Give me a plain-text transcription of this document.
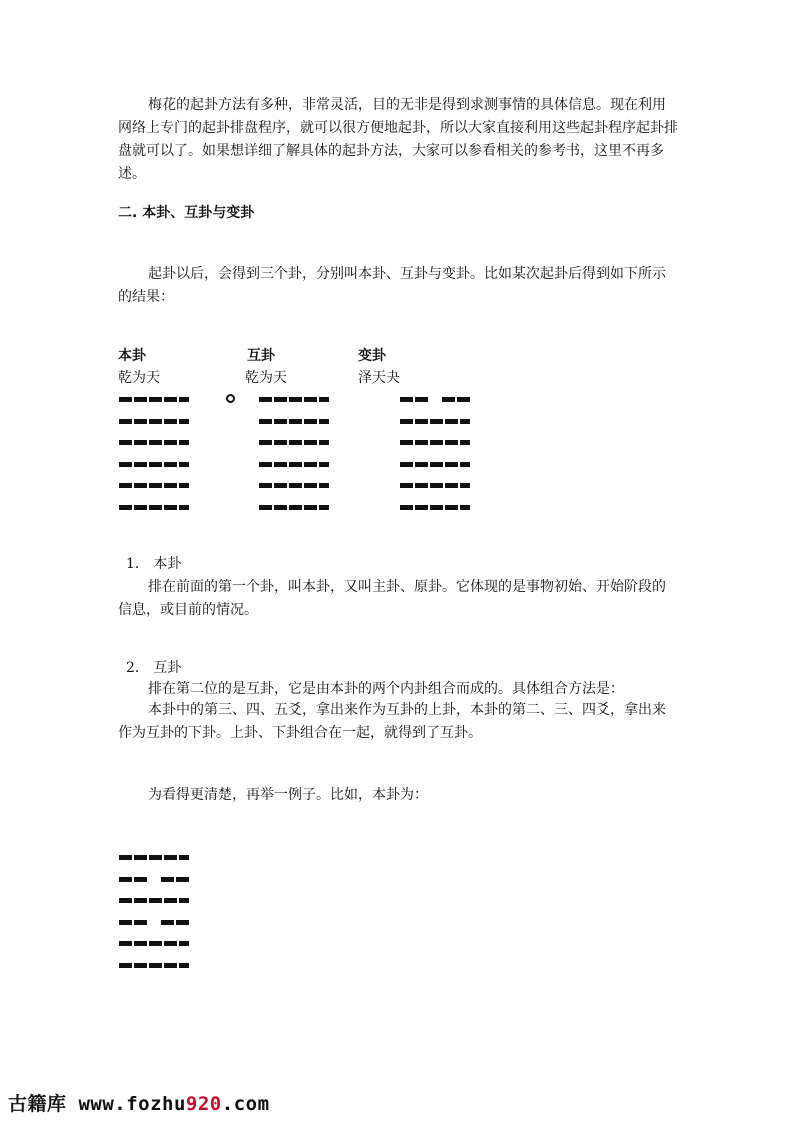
梅花的起卦方法有多种，非常灵活，目的无非是得到求测事情的具体信息。现在利用网络上专门的起卦排盘程序，就可以很方便地起卦，所以大家直接利用这些起卦程序起卦排盘就可以了。如果想详细了解具体的起卦方法，大家可以参看相关的参考书，这里不再多述。

二. 本卦、互卦与变卦

起卦以后，会得到三个卦，分别叫本卦、互卦与变卦。比如某次起卦后得到如下所示的结果：

本卦	互卦	变卦
乾为天	乾为天	泽天夬
1． 本卦

排在前面的第一个卦，叫本卦，又叫主卦、原卦。它体现的是事物初始、开始阶段的信息，或目前的情况。

2． 互卦

排在第二位的是互卦，它是由本卦的两个内卦组合而成的。具体组合方法是：

本卦中的第三、四、五爻，拿出来作为互卦的上卦，本卦的第二、三、四爻，拿出来作为互卦的下卦。上卦、下卦组合在一起，就得到了互卦。

为看得更清楚，再举一例子。比如，本卦为：

古籍库 www.fozhu920.com
